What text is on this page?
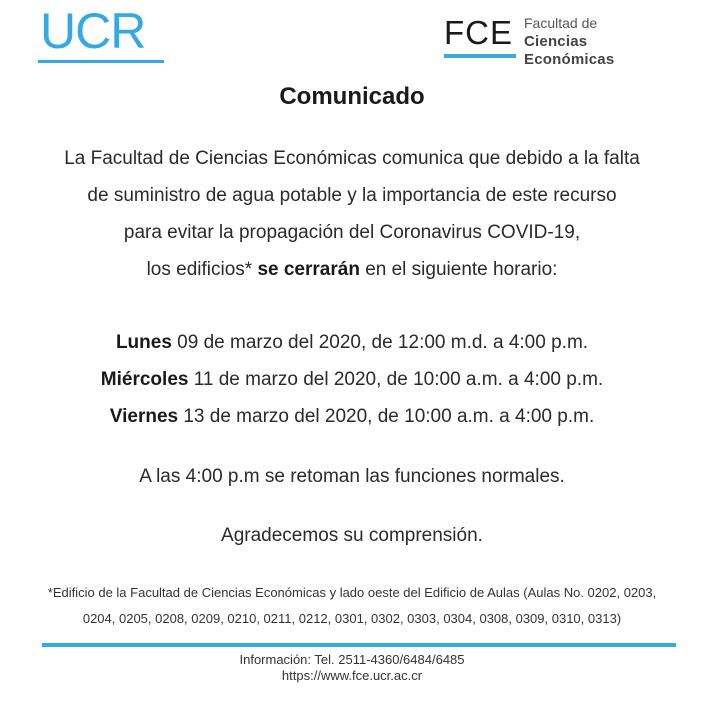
UCR	FCE Facultad de
Ciencias Económicas
Comunicado

La Facultad de Ciencias Económicas comunica que debido a la falta

de suministro de agua potable y la importancia de este recurso

para evitar la propagación del Coronavirus COVID-19,

los edificios* se cerrarán en el siguiente horario:

Lunes 09 de marzo del 2020, de 12:00 m.d. a 4:00 p.m.

Miércoles 11 de marzo del 2020, de 10:00 a.m. a 4:00 p.m.

Viernes 13 de marzo del 2020, de 10:00 a.m. a 4:00 p.m.

A las 4:00 p.m se retoman las funciones normales.
Agradecemos su comprensión.

*Edificio de la Facultad de Ciencias Económicas y lado oeste del Edificio de Aulas (Aulas No. 0202, 0203,

0204, 0205, 0208, 0209, 0210, 0211, 0212, 0301, 0302, 0303, 0304, 0308, 0309, 0310, 0313)

Información: Tel. 2511-4360/6484/6485

https://www.fce.ucr.ac.cr
